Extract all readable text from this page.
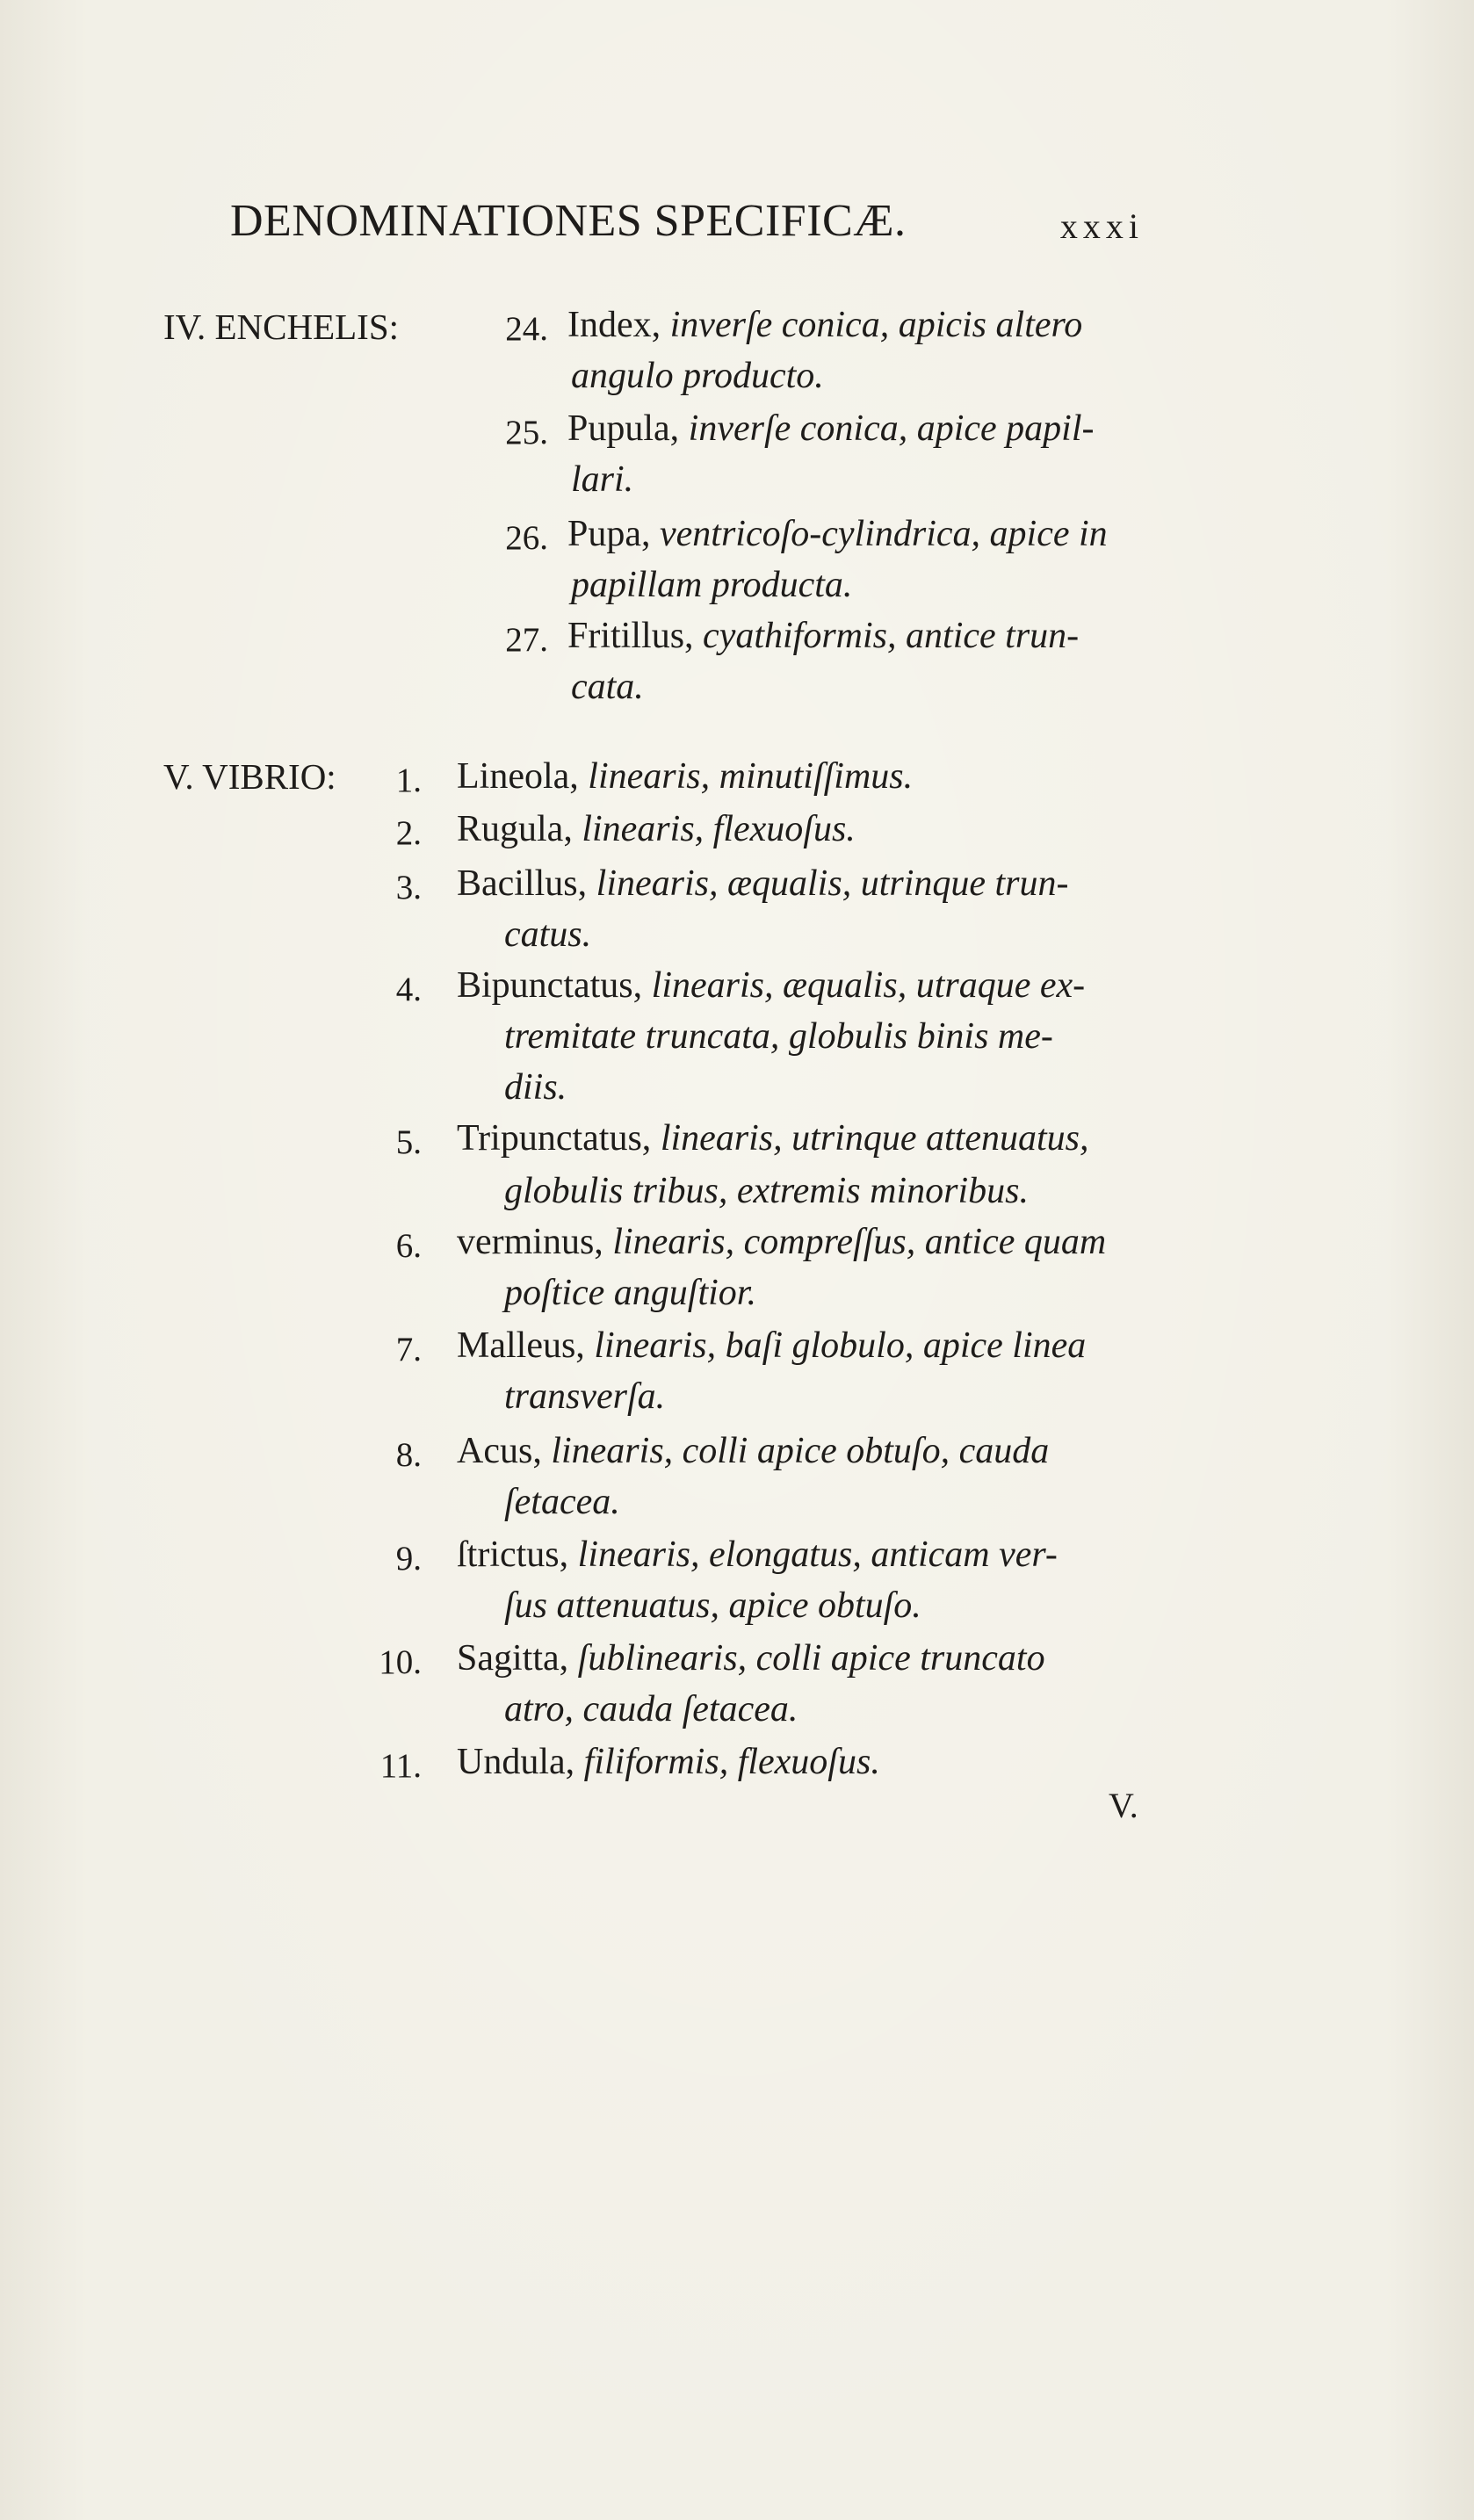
DENOMINATIONES SPECIFICÆ.	xxxi
IV. ENCHELIS:	24. Index, inverſe conica, apicis altero
angulo producto.
25. Pupula, inverſe conica, apice papil-
lari.
26. Pupa, ventricoſo-cylindrica, apice in
papillam producta.
27. Fritillus, cyathiformis, antice trun-
cata.
V. VIBRIO:	1. Lineola, linearis, minutiſſimus.
2. Rugula, linearis, flexuoſus.
3. Bacillus, linearis, æqualis, utrinque trun-
catus.
4. Bipunctatus, linearis, æqualis, utraque ex-
tremitate truncata, globulis binis me-
diis.
5. Tripunctatus, linearis, utrinque attenuatus,
globulis tribus, extremis minoribus.
6. verminus, linearis, compreſſus, antice quam
poſtice anguſtior.
7. Malleus, linearis, baſi globulo, apice linea
transverſa.
8. Acus, linearis, colli apice obtuſo, cauda
ſetacea.
9. ſtrictus, linearis, elongatus, anticam ver-
ſus attenuatus, apice obtuſo.
10. Sagitta, ſublinearis, colli apice truncato
atro, cauda ſetacea.
11. Undula, filiformis, flexuoſus.
V.
